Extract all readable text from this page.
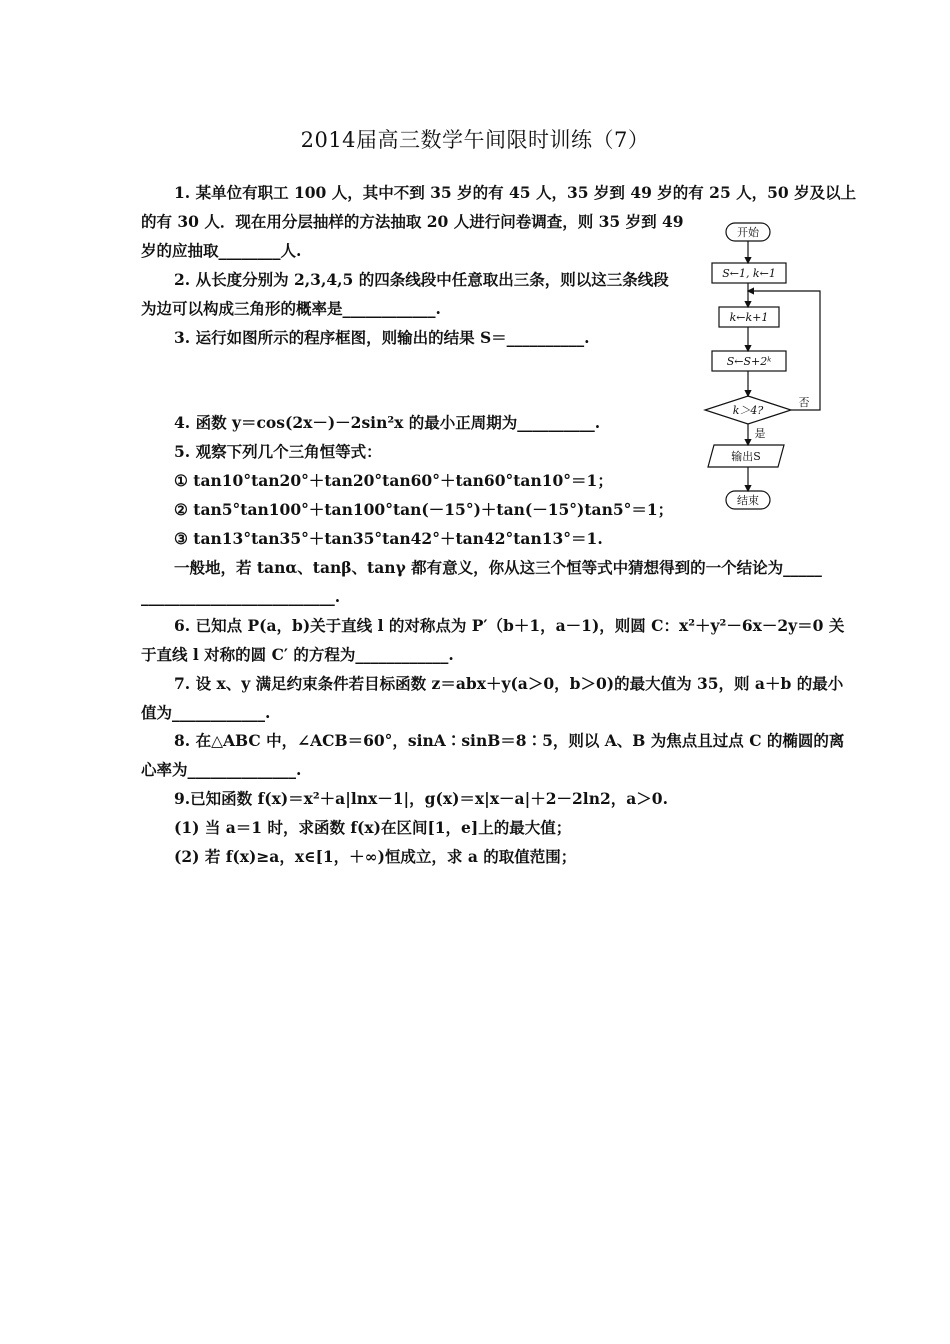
2014届高三数学午间限时训练（7）
1. 某单位有职工 100 人，其中不到 35 岁的有 45 人，35 岁到 49 岁的有 25 人，50 岁及以上
的有 30 人．现在用分层抽样的方法抽取 20 人进行问卷调查，则 35 岁到 49
岁的应抽取________人.
2. 从长度分别为 2,3,4,5 的四条线段中任意取出三条，则以这三条线段
为边可以构成三角形的概率是____________.
3. 运行如图所示的程序框图，则输出的结果 S＝__________.
4. 函数 y＝cos(2x－)－2sin²x 的最小正周期为__________.
5. 观察下列几个三角恒等式：
① tan10°tan20°＋tan20°tan60°＋tan60°tan10°＝1；
② tan5°tan100°＋tan100°tan(－15°)＋tan(－15°)tan5°＝1；
③ tan13°tan35°＋tan35°tan42°＋tan42°tan13°＝1.
一般地，若 tanα、tanβ、tanγ 都有意义，你从这三个恒等式中猜想得到的一个结论为_____
_________________________.
6. 已知点 P(a，b)关于直线 l 的对称点为 P′（b＋1，a－1)，则圆 C：x²＋y²－6x－2y＝0 关
于直线 l 对称的圆 C′ 的方程为____________.
7. 设 x、y 满足约束条件若目标函数 z＝abx＋y(a＞0，b＞0)的最大值为 35，则 a＋b 的最小
值为____________.
8. 在△ABC 中，∠ACB＝60°，sinA∶sinB＝8∶5，则以 A、B 为焦点且过点 C 的椭圆的离
心率为______________.
9.已知函数 f(x)＝x²＋a|lnx－1|，g(x)＝x|x－a|＋2－2ln2，a＞0.
(1) 当 a＝1 时，求函数 f(x)在区间[1，e]上的最大值；
(2) 若 f(x)≥a，x∈[1，＋∞)恒成立，求 a 的取值范围；
开始
S←1, k←1
k←k+1
S←S+2ᵏ
k＞4?
否
是
输出S
结束
